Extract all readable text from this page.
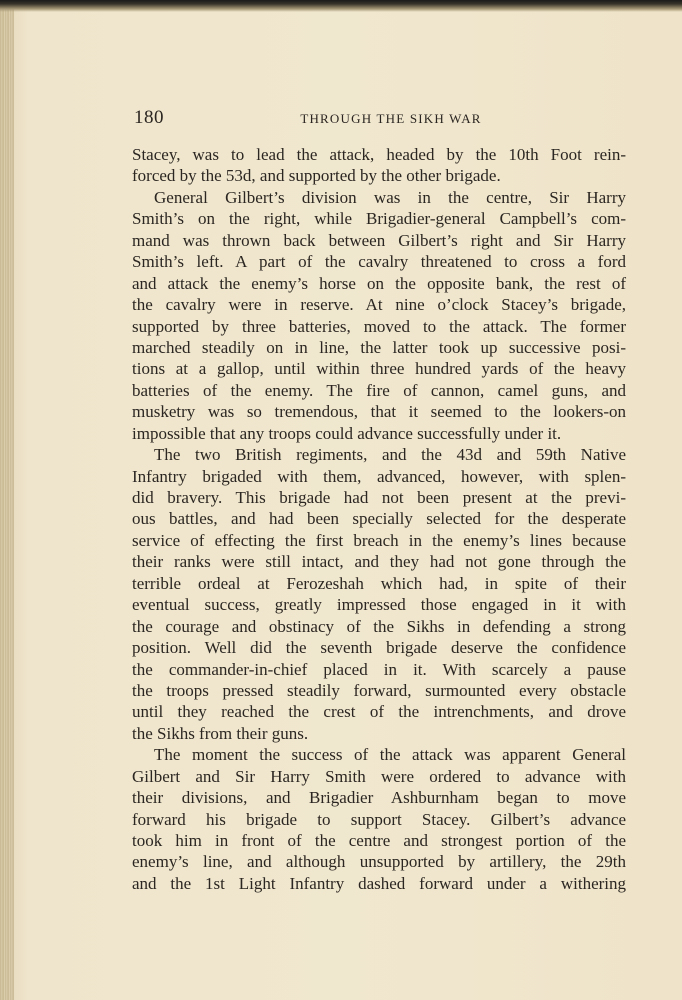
180	THROUGH THE SIKH WAR
Stacey, was to lead the attack, headed by the 10th Foot rein-
forced by the 53d, and supported by the other brigade.
General Gilbert’s division was in the centre, Sir Harry
Smith’s on the right, while Brigadier-general Campbell’s com-
mand was thrown back between Gilbert’s right and Sir Harry
Smith’s left. A part of the cavalry threatened to cross a ford
and attack the enemy’s horse on the opposite bank, the rest of
the cavalry were in reserve. At nine o’clock Stacey’s brigade,
supported by three batteries, moved to the attack. The former
marched steadily on in line, the latter took up successive posi-
tions at a gallop, until within three hundred yards of the heavy
batteries of the enemy. The fire of cannon, camel guns, and
musketry was so tremendous, that it seemed to the lookers-on
impossible that any troops could advance successfully under it.
The two British regiments, and the 43d and 59th Native
Infantry brigaded with them, advanced, however, with splen-
did bravery. This brigade had not been present at the previ-
ous battles, and had been specially selected for the desperate
service of effecting the first breach in the enemy’s lines because
their ranks were still intact, and they had not gone through the
terrible ordeal at Ferozeshah which had, in spite of their
eventual success, greatly impressed those engaged in it with
the courage and obstinacy of the Sikhs in defending a strong
position. Well did the seventh brigade deserve the confidence
the commander-in-chief placed in it. With scarcely a pause
the troops pressed steadily forward, surmounted every obstacle
until they reached the crest of the intrenchments, and drove
the Sikhs from their guns.
The moment the success of the attack was apparent General
Gilbert and Sir Harry Smith were ordered to advance with
their divisions, and Brigadier Ashburnham began to move
forward his brigade to support Stacey. Gilbert’s advance
took him in front of the centre and strongest portion of the
enemy’s line, and although unsupported by artillery, the 29th
and the 1st Light Infantry dashed forward under a withering
